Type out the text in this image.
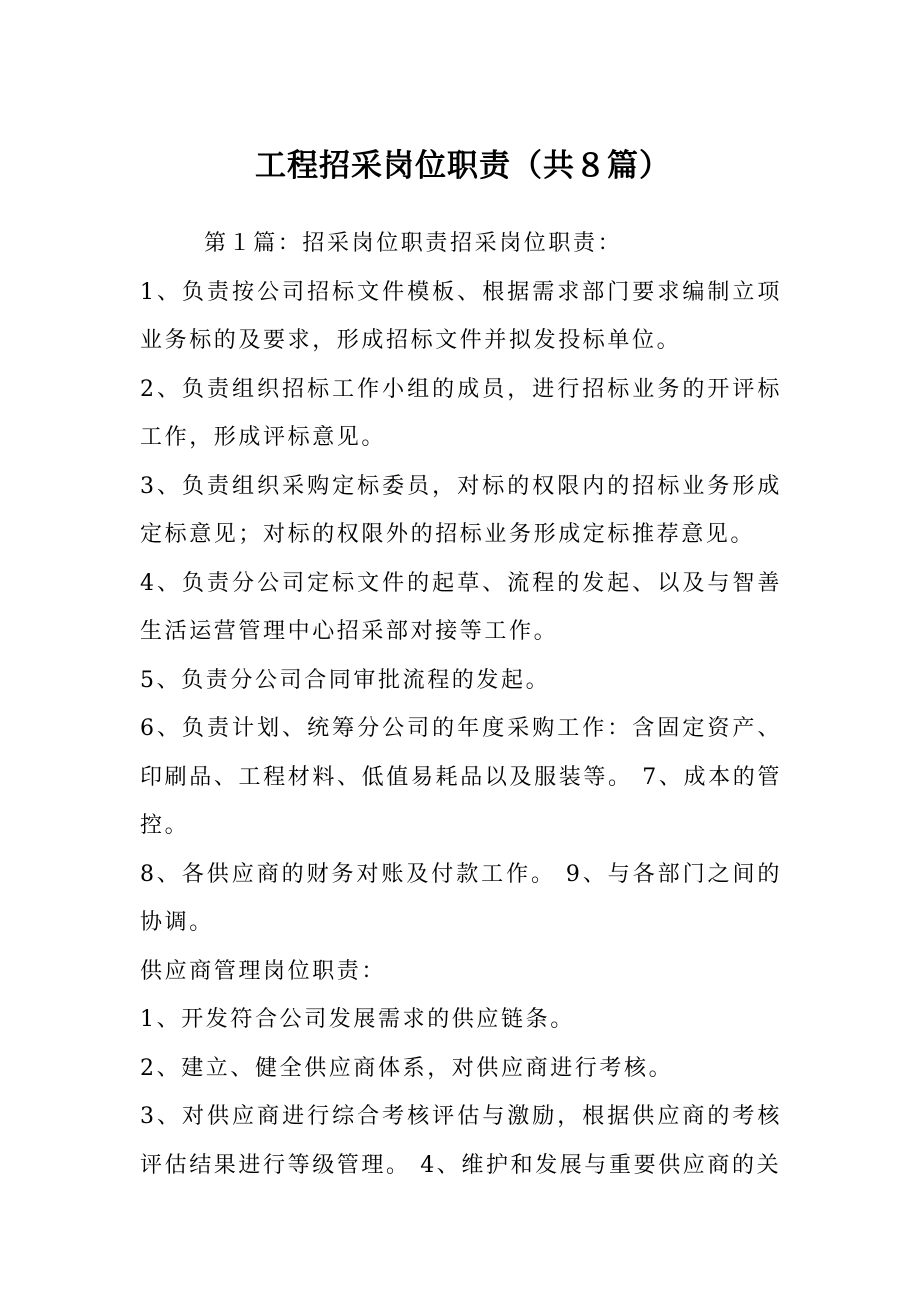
工程招采岗位职责（共８篇）

第１篇：招采岗位职责招采岗位职责：

1、负责按公司招标文件模板、根据需求部门要求编制立项业务标的及要求，形成招标文件并拟发投标单位。

2、负责组织招标工作小组的成员，进行招标业务的开评标工作，形成评标意见。

3、负责组织采购定标委员，对标的权限内的招标业务形成定标意见；对标的权限外的招标业务形成定标推荐意见。

4、负责分公司定标文件的起草、流程的发起、以及与智善生活运营管理中心招采部对接等工作。

5、负责分公司合同审批流程的发起。

6、负责计划、统筹分公司的年度采购工作：含固定资产、印刷品、工程材料、低值易耗品以及服装等。 7、成本的管控。

8、各供应商的财务对账及付款工作。 9、与各部门之间的协调。

供应商管理岗位职责：

1、开发符合公司发展需求的供应链条。

2、建立、健全供应商体系，对供应商进行考核。

3、对供应商进行综合考核评估与激励，根据供应商的考核评估结果进行等级管理。 4、维护和发展与重要供应商的关
